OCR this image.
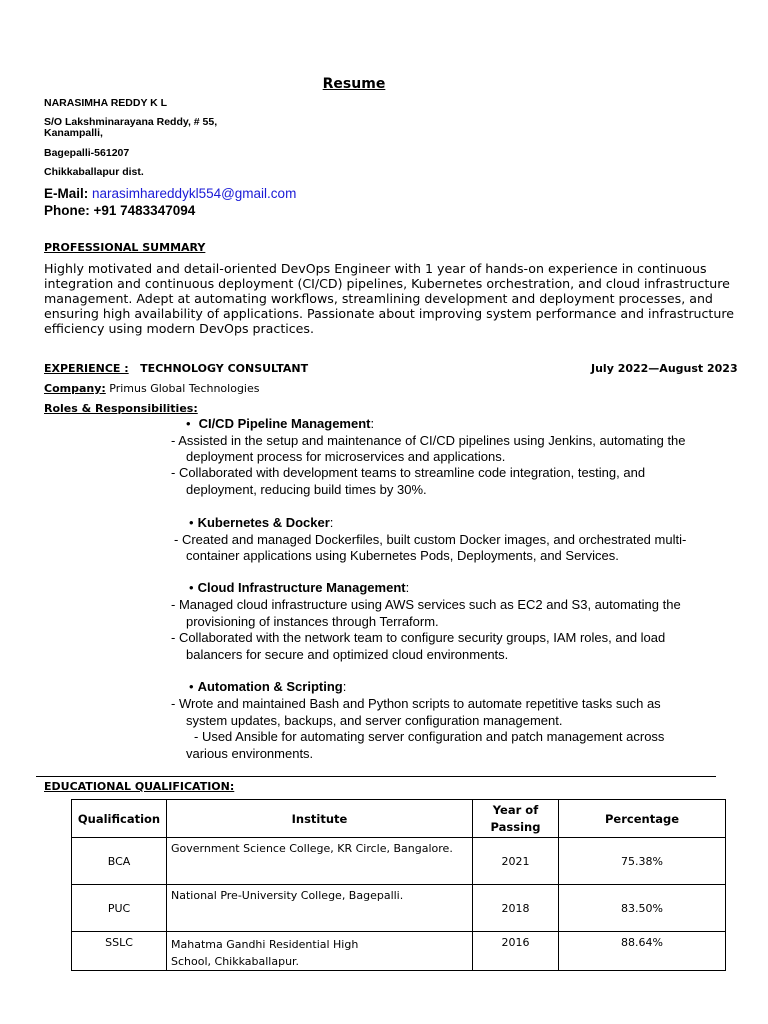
Resume
NARASIMHA REDDY K L
S/O Lakshminarayana Reddy, # 55,
Kanampalli,
Bagepalli-561207
Chikkaballapur dist.
E-Mail: narasimhareddykl554@gmail.com
Phone: +91 7483347094
PROFESSIONAL SUMMARY
Highly motivated and detail-oriented DevOps Engineer with 1 year of hands-on experience in continuous integration and continuous deployment (CI/CD) pipelines, Kubernetes orchestration, and cloud infrastructure management. Adept at automating workflows, streamlining development and deployment processes, and ensuring high availability of applications. Passionate about improving system performance and infrastructure efficiency using modern DevOps practices.
EXPERIENCE : TECHNOLOGY CONSULTANT	July 2022—August 2023
Company: Primus Global Technologies
Roles & Responsibilities:
• CI/CD Pipeline Management:
- Assisted in the setup and maintenance of CI/CD pipelines using Jenkins, automating the
deployment process for microservices and applications.
- Collaborated with development teams to streamline code integration, testing, and
deployment, reducing build times by 30%.
• Kubernetes & Docker:
- Created and managed Dockerfiles, built custom Docker images, and orchestrated multi-
container applications using Kubernetes Pods, Deployments, and Services.
• Cloud Infrastructure Management:
- Managed cloud infrastructure using AWS services such as EC2 and S3, automating the
provisioning of instances through Terraform.
- Collaborated with the network team to configure security groups, IAM roles, and load
balancers for secure and optimized cloud environments.
• Automation & Scripting:
- Wrote and maintained Bash and Python scripts to automate repetitive tasks such as
system updates, backups, and server configuration management.
- Used Ansible for automating server configuration and patch management across
various environments.
EDUCATIONAL QUALIFICATION:
Qualification	Institute	Year of Passing	Percentage
BCA	Government Science College, KR Circle, Bangalore.	2021	75.38%
PUC	National Pre-University College, Bagepalli.	2018	83.50%
SSLC	Mahatma Gandhi Residential High School, Chikkaballapur.	2016	88.64%
